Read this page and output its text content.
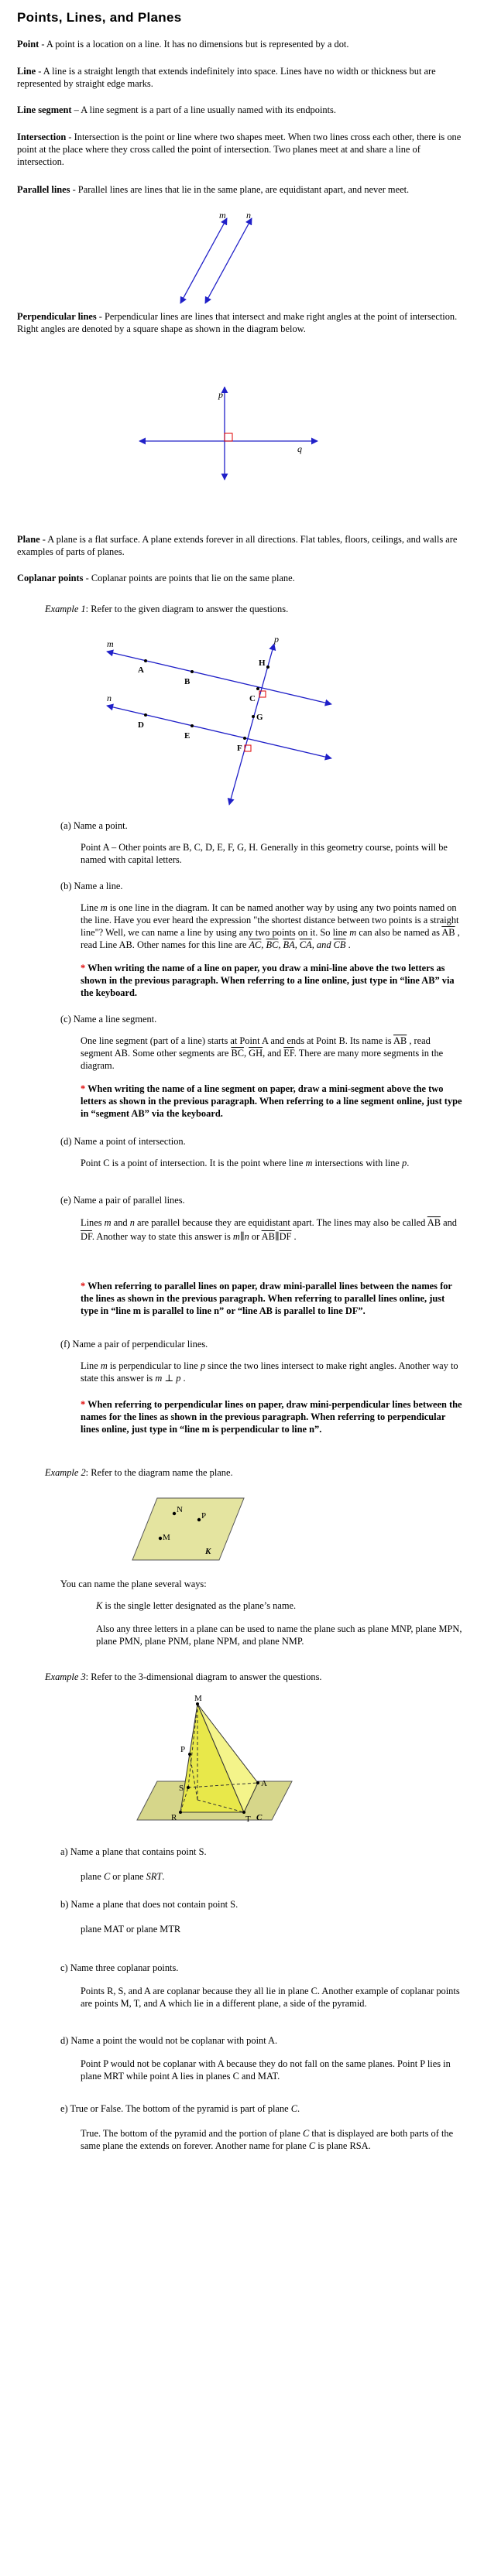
Points, Lines, and Planes

Point - A point is a location on a line. It has no dimensions but is represented by a dot.

Line - A line is a straight length that extends indefinitely into space. Lines have no width or thickness but are represented by straight edge marks.

Line segment – A line segment is a part of a line usually named with its endpoints.

Intersection - Intersection is the point or line where two shapes meet. When two lines cross each other, there is one point at the place where they cross called the point of intersection. Two planes meet at and share a line of intersection.

Parallel lines - Parallel lines are lines that lie in the same plane, are equidistant apart, and never meet.

m n

Perpendicular lines - Perpendicular lines are lines that intersect and make right angles at the point of intersection. Right angles are denoted by a square shape as shown in the diagram below.

p
q

Plane - A plane is a flat surface. A plane extends forever in all directions. Flat tables, floors, ceilings, and walls are examples of parts of planes.

Coplanar points - Coplanar points are points that lie on the same plane.

Example 1: Refer to the given diagram to answer the questions.

m
n
p
A
B
C
D
E
F
G
H

(a) Name a point.

Point A – Other points are B, C, D, E, F, G, H. Generally in this geometry course, points will be named with capital letters.

(b) Name a line.

Line m is one line in the diagram. It can be named another way by using any two points named on the line. Have you ever heard the expression "the shortest distance between two points is a straight line"? Well, we can name a line by using any two points on it. So line m can also be named as $\overline{AB}$ , read Line AB. Other names for this line are $\overline{AC}$, $\overline{BC}$, $\overline{BA}$, $\overline{CA}$, and $\overline{CB}$ .

* When writing the name of a line on paper, you draw a mini-line above the two letters as shown in the previous paragraph. When referring to a line online, just type in “line AB” via the keyboard.

(c) Name a line segment.

One line segment (part of a line) starts at Point A and ends at Point B. Its name is $\overline{AB}$ , read segment AB. Some other segments are $\overline{BC}$, $\overline{GH}$, and $\overline{EF}$. There are many more segments in the diagram.

* When writing the name of a line segment on paper, draw a mini-segment above the two letters as shown in the previous paragraph. When referring to a line segment online, just type in “segment AB” via the keyboard.

(d) Name a point of intersection.

Point C is a point of intersection. It is the point where line m intersections with line p.

(e) Name a pair of parallel lines.

Lines m and n are parallel because they are equidistant apart. The lines may also be called $\overline{AB}$ and $\overline{DF}$. Another way to state this answer is m∥n or $\overline{AB}\parallel\overline{DF}$ .

* When referring to parallel lines on paper, draw mini-parallel lines between the names for the lines as shown in the previous paragraph. When referring to parallel lines online, just type in “line m is parallel to line n” or “line AB is parallel to line DF”.

(f) Name a pair of perpendicular lines.

Line m is perpendicular to line p since the two lines intersect to make right angles. Another way to state this answer is m ⊥ p .

* When referring to perpendicular lines on paper, draw mini-perpendicular lines between the names for the lines as shown in the previous paragraph. When referring to perpendicular lines online, just type in “line m is perpendicular to line n”.

Example 2: Refer to the diagram name the plane.

N
P
M
K

You can name the plane several ways:

K is the single letter designated as the plane’s name.

Also any three letters in a plane can be used to name the plane such as plane MNP, plane MPN, plane PMN, plane PNM, plane NPM, and plane NMP.

Example 3: Refer to the 3-dimensional diagram to answer the questions.

M
P
S	A
R	T C

a) Name a plane that contains point S.

plane C or plane SRT.

b) Name a plane that does not contain point S.

plane MAT or plane MTR

c) Name three coplanar points.

Points R, S, and A are coplanar because they all lie in plane C. Another example of coplanar points are points M, T, and A which lie in a different plane, a side of the pyramid.

d) Name a point the would not be coplanar with point A.

Point P would not be coplanar with A because they do not fall on the same planes. Point P lies in plane MRT while point A lies in planes C and MAT.

e) True or False. The bottom of the pyramid is part of plane C.

True. The bottom of the pyramid and the portion of plane C that is displayed are both parts of the same plane the extends on forever. Another name for plane C is plane RSA.
